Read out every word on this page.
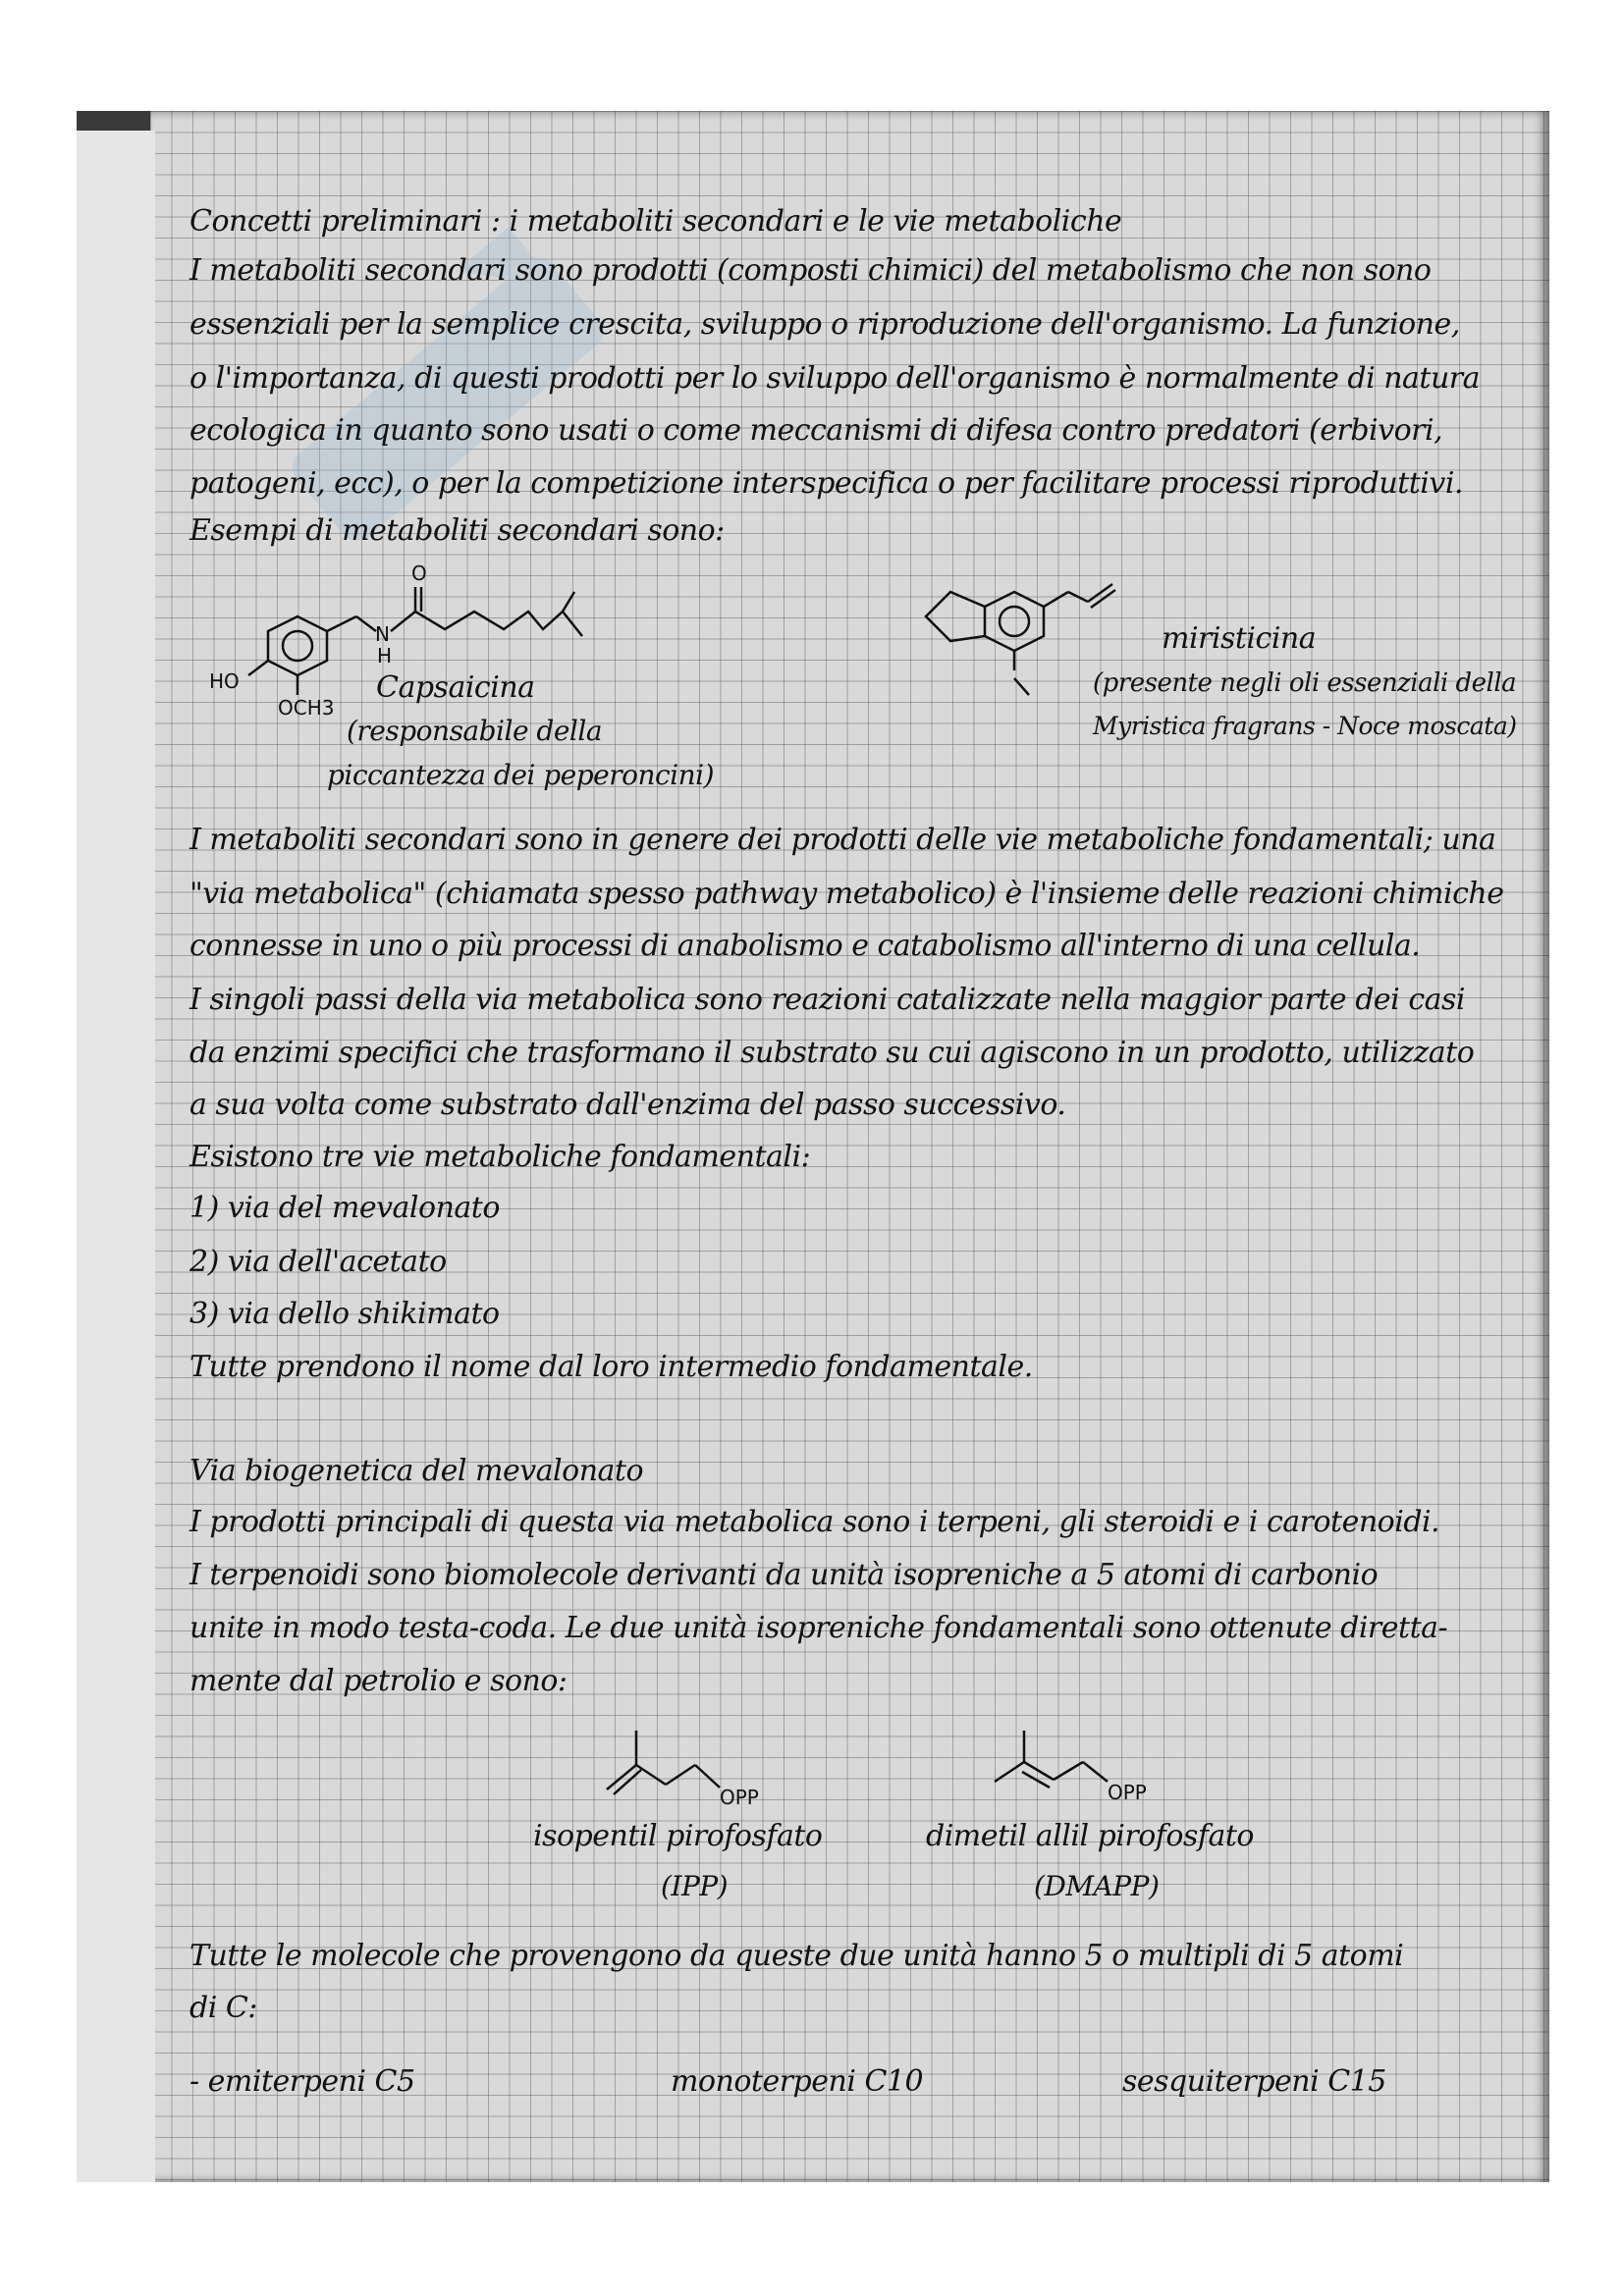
Concetti preliminari : i metaboliti secondari e le vie metaboliche

I metaboliti secondari sono prodotti (composti chimici) del metabolismo che non sono

essenziali per la semplice crescita, sviluppo o riproduzione dell'organismo. La funzione,

o l'importanza, di questi prodotti per lo sviluppo dell'organismo è normalmente di natura

ecologica in quanto sono usati o come meccanismi di difesa contro predatori (erbivori,

patogeni, ecc), o per la competizione interspecifica o per facilitare processi riproduttivi.

Esempi di metaboliti secondari sono:

O
N
H
HO
OCH3

Capsaicina

(responsabile della

piccantezza dei peperoncini)

miristicina

(presente negli oli essenziali della

Myristica fragrans - Noce moscata)

I metaboliti secondari sono in genere dei prodotti delle vie metaboliche fondamentali; una

"via metabolica" (chiamata spesso pathway metabolico) è l'insieme delle reazioni chimiche

connesse in uno o più processi di anabolismo e catabolismo all'interno di una cellula.

I singoli passi della via metabolica sono reazioni catalizzate nella maggior parte dei casi

da enzimi specifici che trasformano il substrato su cui agiscono in un prodotto, utilizzato

a sua volta come substrato dall'enzima del passo successivo.

Esistono tre vie metaboliche fondamentali:

1) via del mevalonato

2) via dell'acetato

3) via dello shikimato

Tutte prendono il nome dal loro intermedio fondamentale.

Via biogenetica del mevalonato

I prodotti principali di questa via metabolica sono i terpeni, gli steroidi e i carotenoidi.

I terpenoidi sono biomolecole derivanti da unità isopreniche a 5 atomi di carbonio

unite in modo testa-coda. Le due unità isopreniche fondamentali sono ottenute diretta-

mente dal petrolio e sono:

OPP

isopentil pirofosfato

(IPP)

OPP

dimetil allil pirofosfato

(DMAPP)

Tutte le molecole che provengono da queste due unità hanno 5 o multipli di 5 atomi

di C:

- emiterpeni C5	monoterpeni C10	sesquiterpeni C15
